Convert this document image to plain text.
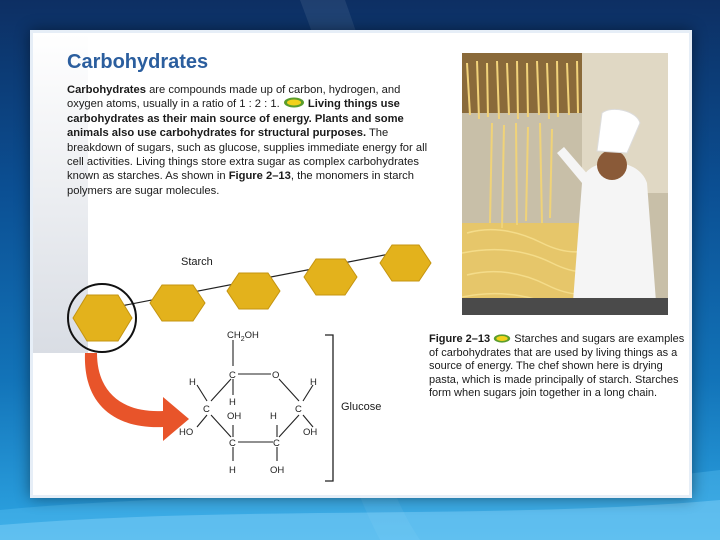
Carbohydrates
Carbohydrates are compounds made up of carbon, hydrogen, and oxygen atoms, usually in a ratio of 1 : 2 : 1.  Living things use carbohydrates as their main source of energy. Plants and some animals also use carbohydrates for structural purposes. The breakdown of sugars, such as glucose, supplies immediate energy for all cell activities. Living things store extra sugar as complex carbohydrates known as starches. As shown in Figure 2–13, the monomers in starch polymers are sugar molecules.
Starch
$CH_2OH$
C	O
H
H
H
C
OH	H
C
HO	OH
C	C
H	OH
Glucose
Figure 2–13  Starches and sugars are examples of carbohydrates that are used by living things as a source of energy. The chef shown here is drying pasta, which is made principally of starch. Starches form when sugars join together in a long chain.
